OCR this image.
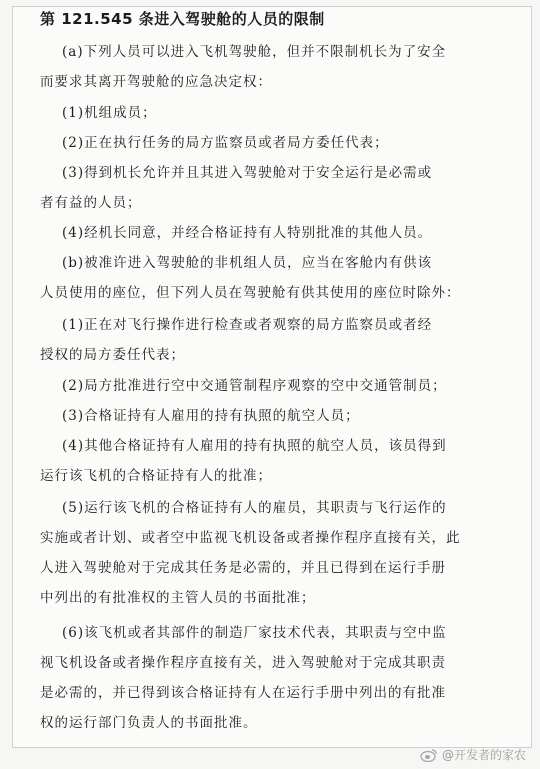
第 121.545 条进入驾驶舱的人员的限制
(a)下列人员可以进入飞机驾驶舱，但并不限制机长为了安全
而要求其离开驾驶舱的应急决定权：
(1)机组成员；
(2)正在执行任务的局方监察员或者局方委任代表；
(3)得到机长允许并且其进入驾驶舱对于安全运行是必需或
者有益的人员；
(4)经机长同意，并经合格证持有人特别批准的其他人员。
(b)被准许进入驾驶舱的非机组人员，应当在客舱内有供该
人员使用的座位，但下列人员在驾驶舱有供其使用的座位时除外：
(1)正在对飞行操作进行检查或者观察的局方监察员或者经
授权的局方委任代表；
(2)局方批准进行空中交通管制程序观察的空中交通管制员；
(3)合格证持有人雇用的持有执照的航空人员；
(4)其他合格证持有人雇用的持有执照的航空人员，该员得到
运行该飞机的合格证持有人的批准；
(5)运行该飞机的合格证持有人的雇员，其职责与飞行运作的
实施或者计划、或者空中监视飞机设备或者操作程序直接有关，此
人进入驾驶舱对于完成其任务是必需的，并且已得到在运行手册
中列出的有批准权的主管人员的书面批准；
(6)该飞机或者其部件的制造厂家技术代表，其职责与空中监
视飞机设备或者操作程序直接有关，进入驾驶舱对于完成其职责
是必需的，并已得到该合格证持有人在运行手册中列出的有批准
权的运行部门负责人的书面批准。
@开发者的家农
